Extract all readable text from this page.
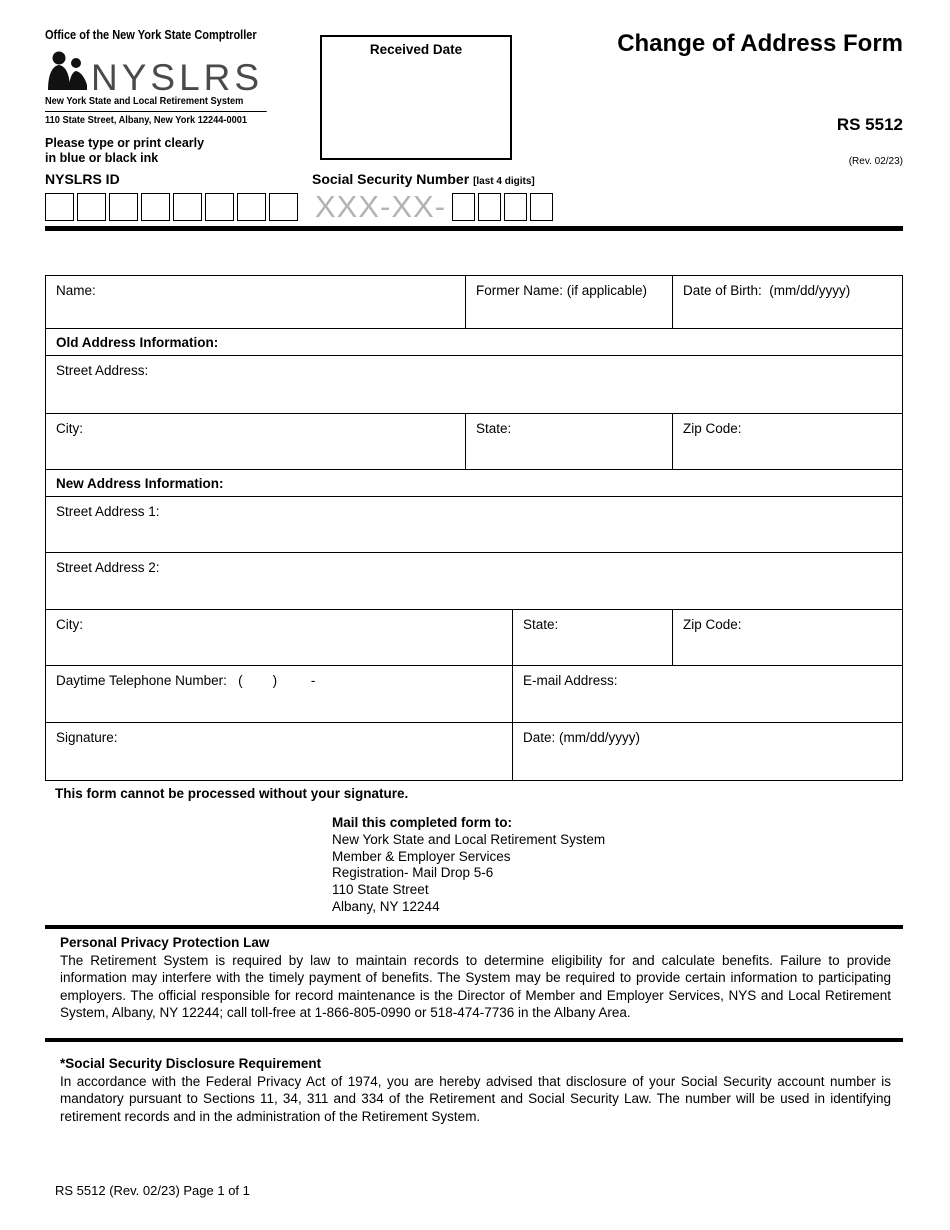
Office of the New York State Comptroller
NYSLRS
New York State and Local Retirement System
110 State Street, Albany, New York 12244-0001
Please type or print clearly
in blue or black ink
Received Date	Change of Address Form
RS 5512
(Rev. 02/23)
NYSLRS ID	Social Security Number [last 4 digits]
XXX-XX-
Name:	Former Name: (if applicable)	Date of Birth:  (mm/dd/yyyy)
Old Address Information:
Street Address:
City:	State:	Zip Code:
New Address Information:
Street Address 1:
Street Address 2:
City:	State:	Zip Code:
Daytime Telephone Number:   (        )         -	E-mail Address:
Signature:	Date: (mm/dd/yyyy)
This form cannot be processed without your signature.
Mail this completed form to:
New York State and Local Retirement System
Member & Employer Services
Registration- Mail Drop 5-6
110 State Street
Albany, NY 12244
Personal Privacy Protection Law
The Retirement System is required by law to maintain records to determine eligibility for and calculate benefits. Failure to provide information may interfere with the timely payment of benefits. The System may be required to provide certain information to participating employers. The official responsible for record maintenance is the Director of Member and Employer Services, NYS and Local Retirement System, Albany, NY 12244; call toll-free at 1-866-805-0990 or 518-474-7736 in the Albany Area.
*Social Security Disclosure Requirement
In accordance with the Federal Privacy Act of 1974, you are hereby advised that disclosure of your Social Security account number is mandatory pursuant to Sections 11, 34, 311 and 334 of the Retirement and Social Security Law. The number will be used in identifying retirement records and in the administration of the Retirement System.
RS 5512 (Rev. 02/23) Page 1 of 1
